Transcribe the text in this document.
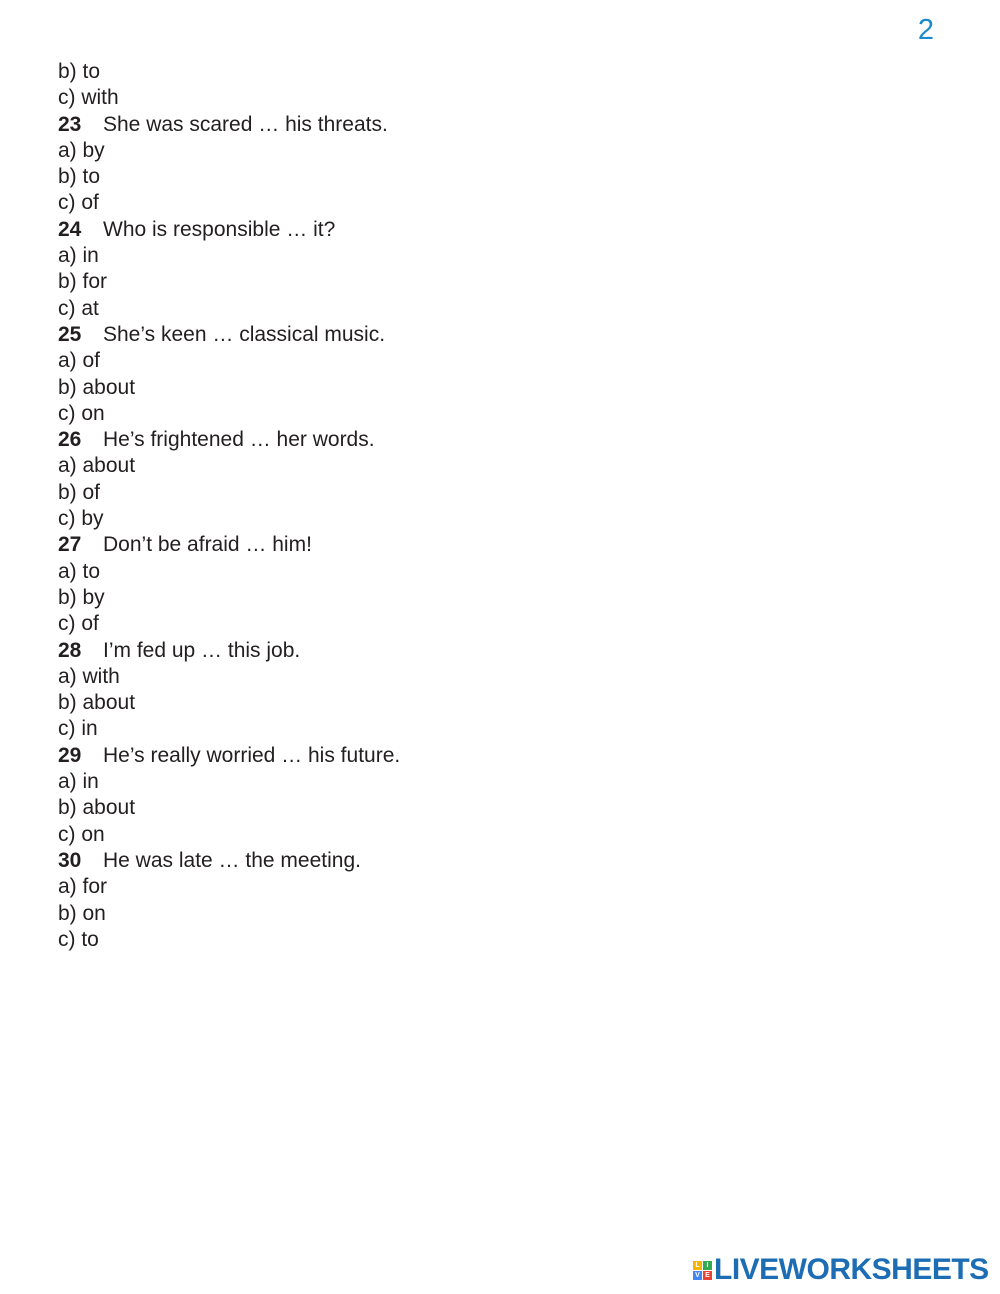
2
b) to
c) with
23 She was scared … his threats.
a) by
b) to
c) of
24 Who is responsible … it?
a) in
b) for
c) at
25 She’s keen … classical music.
a) of
b) about
c) on
26 He’s frightened … her words.
a) about
b) of
c) by
27 Don’t be afraid … him!
a) to
b) by
c) of
28 I’m fed up … this job.
a) with
b) about
c) in
29 He’s really worried … his future.
a) in
b) about
c) on
30 He was late … the meeting.
a) for
b) on
c) to
L I
V E LIVEWORKSHEETS
